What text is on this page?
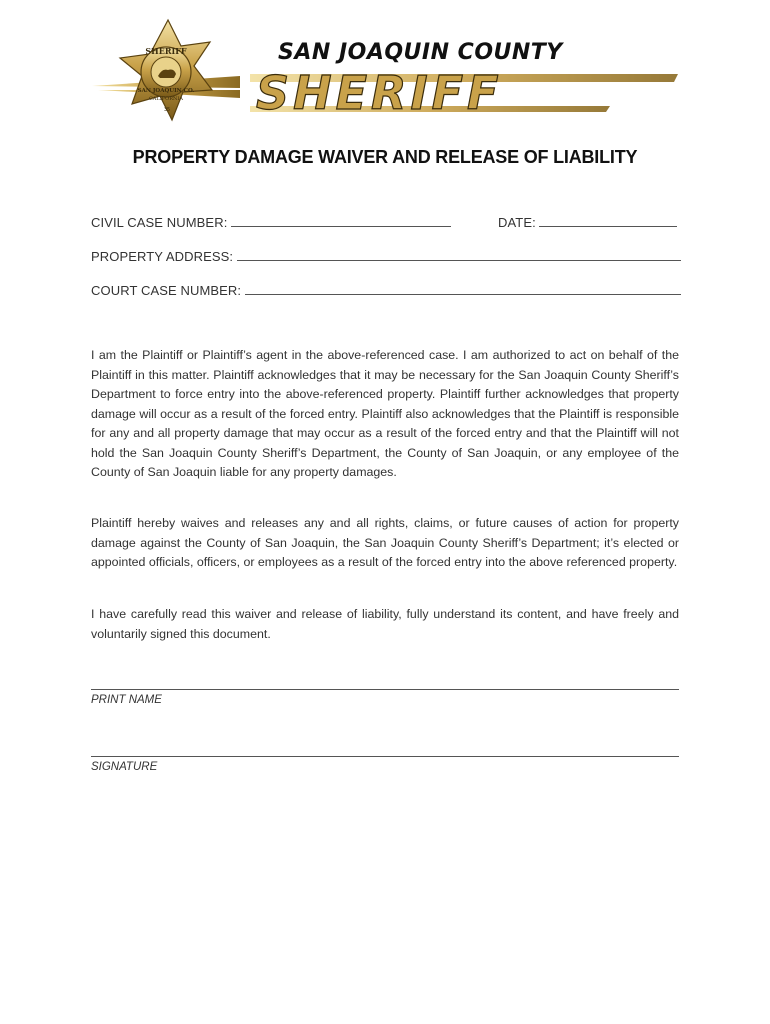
SHERIFF
SAN JOAQUIN CO.
CALIFORNIA
35
SAN JOAQUIN COUNTY
SHERIFF
PROPERTY DAMAGE WAIVER AND RELEASE OF LIABILITY
CIVIL CASE NUMBER:	DATE:
PROPERTY ADDRESS:
COURT CASE NUMBER:

I am the Plaintiff or Plaintiff’s agent in the above-referenced case. I am authorized to act on behalf of the Plaintiff in this matter. Plaintiff acknowledges that it may be necessary for the San Joaquin County Sheriff’s Department to force entry into the above-referenced property. Plaintiff further acknowledges that property damage will occur as a result of the forced entry. Plaintiff also acknowledges that the Plaintiff is responsible for any and all property damage that may occur as a result of the forced entry and that the Plaintiff will not hold the San Joaquin County Sheriff’s Department, the County of San Joaquin, or any employee of the County of San Joaquin liable for any property damages.

Plaintiff hereby waives and releases any and all rights, claims, or future causes of action for property damage against the County of San Joaquin, the San Joaquin County Sheriff’s Department; it’s elected or appointed officials, officers, or employees as a result of the forced entry into the above referenced property.

I have carefully read this waiver and release of liability, fully understand its content, and have freely and voluntarily signed this document.

PRINT NAME
SIGNATURE
